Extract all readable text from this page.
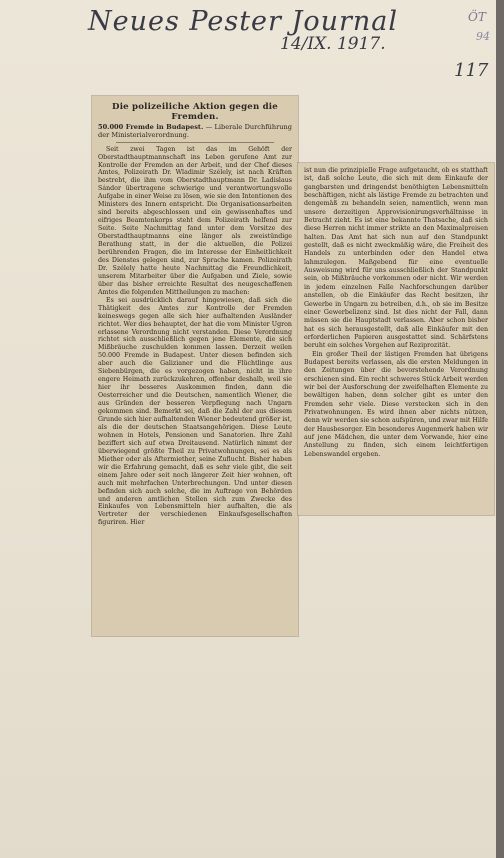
Neues Pester Journal
14/IX. 1917.
117
ÖT
94
Die polizeiliche Aktion gegen die Fremden.
50.000 Fremde in Budapest. — Liberale Durchführung der Ministerialverordnung.

Seit zwei Tagen ist das im Gehöft der Oberstadthauptmannschaft ins Leben gerufene Amt zur Kontrolle der Fremden an der Arbeit, und der Chef dieses Amtes, Polizeirath Dr. Wladimir Szélely, ist nach Kräften bestrebt, die ihm vom Oberstadthauptmann Dr. Ladislaus Sándor übertragene schwierige und verantwortungsvolle Aufgabe in einer Weise zu lösen, wie sie den Intentionen des Ministers des Innern entspricht. Die Organisationsarbeiten sind bereits abgeschlossen und ein gewissenhaftes und eifriges Beamtenkorps steht dem Polizeirath helfend zur Seite. Seite Nachmittag fand unter dem Vorsitze des Oberstadthauptmanns eine länger als zweistündige Berathung statt, in der die aktuellen, die Polizei berührenden Fragen, die im Interesse der Einheitlichkeit des Dienstes gelegen sind, zur Sprache kamen. Polizeirath Dr. Szélely hatte heute Nachmittag die Freundlichkeit, unserem Mitarbeiter über die Aufgaben und Ziele, sowie über das bisher erreichte Resultat des neugeschaffenen Amtes die folgenden Mittheilungen zu machen:

Es sei ausdrücklich darauf hingewiesen, daß sich die Thätigkeit des Amtes zur Kontrolle der Fremden keineswegs gegen alle sich hier aufhaltenden Ausländer richtet. Wer dies behauptet, der hat die vom Minister Ugron erlassene Verordnung nicht verstanden. Diese Verordnung richtet sich ausschließlich gegen jene Elemente, die sich Mißbräuche zuschulden kommen lassen. Derzeit weilen 50.000 Fremde in Budapest. Unter diesen befinden sich aber auch die Galizianer und die Flüchtlinge aus Siebenbürgen, die es vorgezogen haben, nicht in ihre engere Heimath zurückzukehren, offenbar deshalb, weil sie hier ihr besseres Auskommen finden, dann die Oesterreicher und die Deutschen, namentlich Wiener, die aus Gründen der besseren Verpflegung nach Ungarn gekommen sind. Bemerkt sei, daß die Zahl der aus diesem Grunde sich hier aufhaltenden Wiener bedeutend größer ist, als die der deutschen Staatsangehörigen. Diese Leute wohnen in Hotels, Pensionen und Sanatorien. Ihre Zahl beziffert sich auf etwa Dreitausend. Natürlich nimmt der überwiegend größte Theil zu Privatwohnungen, sei es als Miether oder als Aftermiether, seine Zuflucht. Bisher haben wir die Erfahrung gemacht, daß es sehr viele gibt, die seit einem Jahre oder seit noch längerer Zeit hier wohnen, oft auch mit mehrfachen Unterbrechungen. Und unter diesen befinden sich auch solche, die im Auftrage von Behörden und anderen amtlichen Stellen sich zum Zwecke des Einkaufes von Lebensmitteln hier aufhalten, die als Vertreter der verschiedenen Einkaufsgesellschaften figuriren. Hier

ist nun die prinzipielle Frage aufgetaucht, ob es statthaft ist, daß solche Leute, die sich mit dem Einkaufe der gangbarsten und dringendst benöthigten Lebensmitteln beschäftigen, nicht als lästige Fremde zu betrachten und dengemäß zu behandeln seien, namentlich, wenn man unsere derzeitigen Approvisionirungsverhältnisse in Betracht zieht. Es ist eine bekannte Thatsache, daß sich diese Herren nicht immer strikte an den Maximalpreisen halten. Das Amt hat sich nun auf den Standpunkt gestellt, daß es nicht zweckmäßig wäre, die Freiheit des Handels zu unterbinden oder den Handel etwa lahmzulegen. Maßgebend für eine eventuelle Ausweisung wird für uns ausschließlich der Standpunkt sein, ob Mißbräuche vorkommen oder nicht. Wir werden in jedem einzelnen Falle Nachforschungen darüber anstellen, ob die Einkäufer das Recht besitzen, ihr Gewerbe in Ungarn zu betreiben, d.h., ob sie im Besitze einer Gewerbelizenz sind. Ist dies nicht der Fall, dann müssen sie die Hauptstadt verlassen. Aber schon bisher hat es sich herausgestellt, daß alle Einkäufer mit den erforderlichen Papieren ausgestattet sind. Schärfstens beruht ein solches Vorgehen auf Reziprozität.

Ein großer Theil der lästigen Fremden hat übrigens Budapest bereits verlassen, als die ersten Meldungen in den Zeitungen über die bevorstehende Verordnung erschienen sind. Ein recht schweres Stück Arbeit werden wir bei der Ausforschung der zweifelhaften Elemente zu bewältigen haben, denn solcher gibt es unter den Fremden sehr viele. Diese verstecken sich in den Privatwohnungen. Es wird ihnen aber nichts nützen, denn wir werden sie schon aufspüren, und zwar mit Hilfe der Hausbesorger. Ein besonderes Augenmerk haben wir auf jene Mädchen, die unter dem Vorwande, hier eine Anstellung zu finden, sich einem leichtfertigen Lebenswandel ergeben.
